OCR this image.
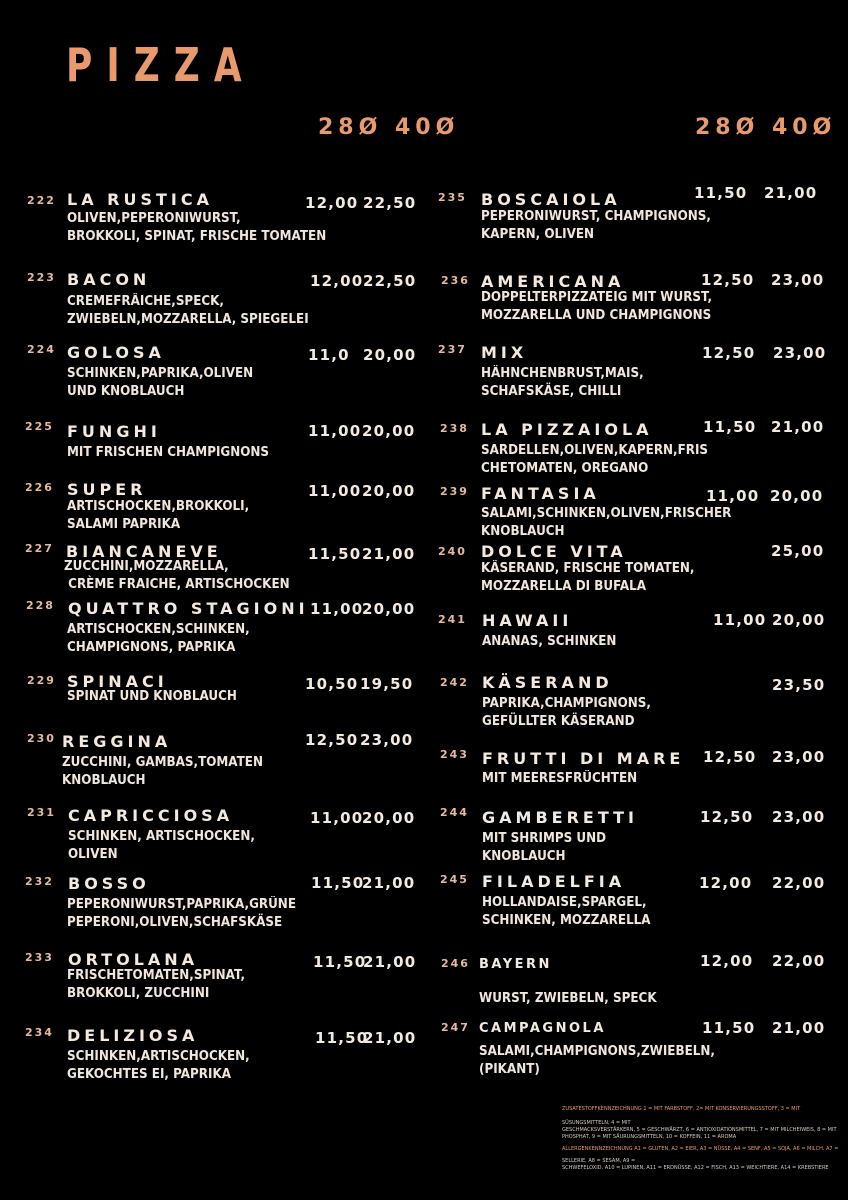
PIZZA
28Ø 40Ø	28Ø 40Ø
222 LA RUSTICA
OLIVEN,PEPERONIWURST,
BROKKOLI, SPINAT, FRISCHE TOMATEN
12,00 22,50
223 BACON
CREMEFRÂICHE,SPECK,
ZWIEBELN,MOZZARELLA, SPIEGELEI
12,00 22,50
224 GOLOSA
SCHINKEN,PAPRIKA,OLIVEN
UND KNOBLAUCH
11,0 20,00
225 FUNGHI
MIT FRISCHEN CHAMPIGNONS
11,00 20,00
226 SUPER
ARTISCHOCKEN,BROKKOLI,
SALAMI PAPRIKA
11,00 20,00
227 BIANCANEVE
ZUCCHINI,MOZZARELLA,
CRÈME FRAICHE, ARTISCHOCKEN
11,50 21,00
228 QUATTRO STAGIONI
ARTISCHOCKEN,SCHINKEN,
CHAMPIGNONS, PAPRIKA
11,00
20,00
229 SPINACI
SPINAT UND KNOBLAUCH
10,50 19,50
230 REGGINA
ZUCCHINI, GAMBAS,TOMATEN
KNOBLAUCH
12,50 23,00
231 CAPRICCIOSA
SCHINKEN, ARTISCHOCKEN,
OLIVEN
11,00
20,00
232 BOSSO
PEPERONIWURST,PAPRIKA,GRÜNE
PEPERONI,OLIVEN,SCHAFSKÄSE
11,50
21,00
233 ORTOLANA
FRISCHETOMATEN,SPINAT,
BROKKOLI, ZUCCHINI
11,50
21,00
234 DELIZIOSA
SCHINKEN,ARTISCHOCKEN,
GEKOCHTES EI, PAPRIKA
11,50
21,00
235 BOSCAIOLA
PEPERONIWURST, CHAMPIGNONS,
KAPERN, OLIVEN
11,50 21,00
236 AMERICANA
DOPPELTERPIZZATEIG MIT WURST,
MOZZARELLA UND CHAMPIGNONS
12,50 23,00
237 MIX
HÄHNCHENBRUST,MAIS,
SCHAFSKÄSE, CHILLI
12,50 23,00
238 LA PIZZAIOLA
SARDELLEN,OLIVEN,KAPERN,FRIS
CHETOMATEN, OREGANO
11,50 21,00
239 FANTASIA
SALAMI,SCHINKEN,OLIVEN,FRISCHER
KNOBLAUCH
11,00 20,00
240 DOLCE VITA
KÄSERAND, FRISCHE TOMATEN,
MOZZARELLA DI BUFALA
25,00
241 HAWAII
ANANAS, SCHINKEN
11,00 20,00
242 KÄSERAND
PAPRIKA,CHAMPIGNONS,
GEFÜLLTER KÄSERAND
23,50
243 FRUTTI DI MARE
MIT MEERESFRÜCHTEN
12,50 23,00
244 GAMBERETTI
MIT SHRIMPS UND
KNOBLAUCH
12,50 23,00
245 FILADELFIA
HOLLANDAISE,SPARGEL,
SCHINKEN, MOZZARELLA
12,00 22,00
246 BAYERN
WURST, ZWIEBELN, SPECK
12,00 22,00
247 CAMPAGNOLA
SALAMI,CHAMPIGNONS,ZWIEBELN,
(PIKANT)
11,50 21,00
ZUSATESTOFFKENNZEICHNUNG 1 = MIT FARBSTOFF, 2= MIT KONSERVIERUNGSSTOFF, 3 = MIT
SÜSUNGSMITTELN, 4 = MIT
GESCHMACKSVERSTÄRKERN, 5 = GESCHWÄRZT, 6 = ANTIOXIDATIONSMITTEL, 7 = MIT MILCHEIWEIS, 8 = MIT
PHOSPHAT, 9 = MIT SÄURUNGSMITTELN, 10 = KOFFEIN, 11 = AROMA
ALLERGENKENNZEICHNUNG A1 = GLUTEN, A2 = EIER, A3 = NÜSSE, A4 = SENF, A5 = SOJA, A6 = MILCH, A7 =
SELLERIE, A8 = SESAM, A9 =
SCHWEFELOXID, A10 = LUPINEN, A11 = ERDNÜSSE, A12 = FISCH, A13 = WEICHTIERE, A14 = KREBSTIERE
